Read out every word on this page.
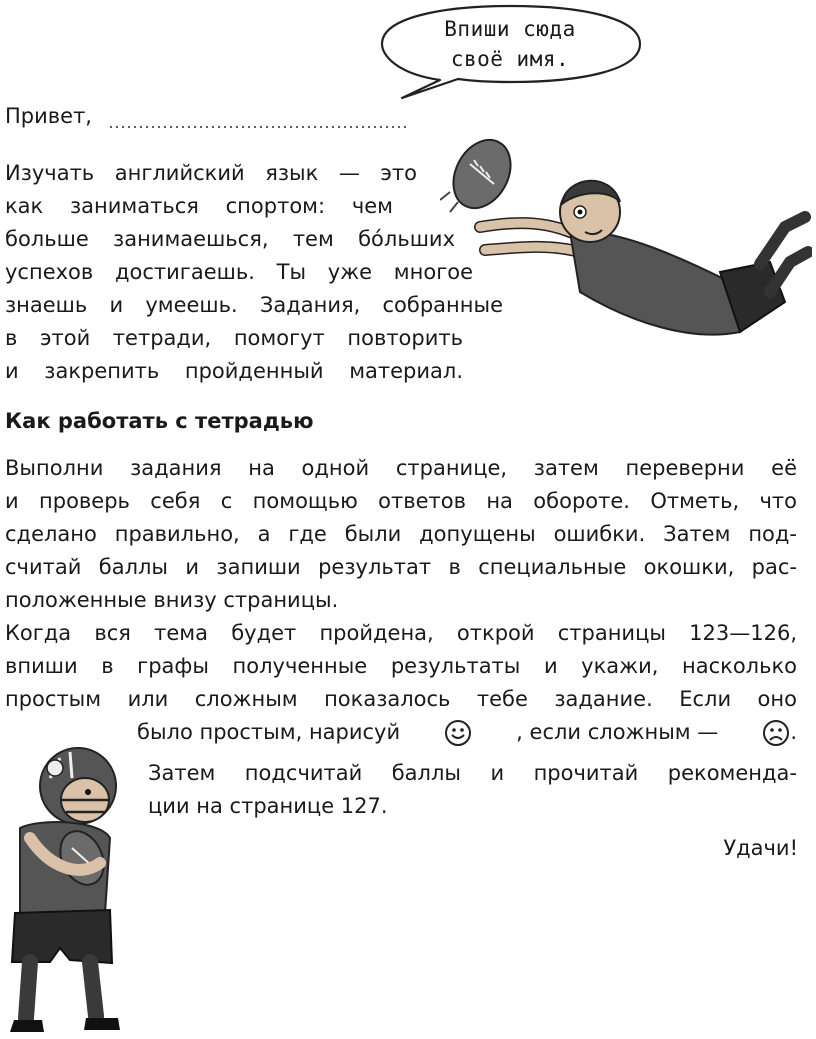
Впиши сюда
своё имя.

Привет,

Изучать английский язык — это
как заниматься спортом: чем
больше занимаешься, тем бóльших
успехов достигаешь. Ты уже многое
знаешь и умеешь. Задания, собранные
в этой тетради, помогут повторить
и закрепить пройденный материал.

Как работать с тетрадью

Выполни задания на одной странице, затем переверни её
и проверь себя с помощью ответов на обороте. Отметь, что
сделано правильно, а где были допущены ошибки. Затем под-
считай баллы и запиши результат в специальные окошки, рас-
положенные внизу страницы.
Когда вся тема будет пройдена, открой страницы 123—126,
впиши в графы полученные результаты и укажи, насколько
простым или сложным показалось тебе задание. Если оно
было простым, нарисуй	, если сложным —	.
Затем подсчитай баллы и прочитай рекоменда-
ции на странице 127.

Удачи!
